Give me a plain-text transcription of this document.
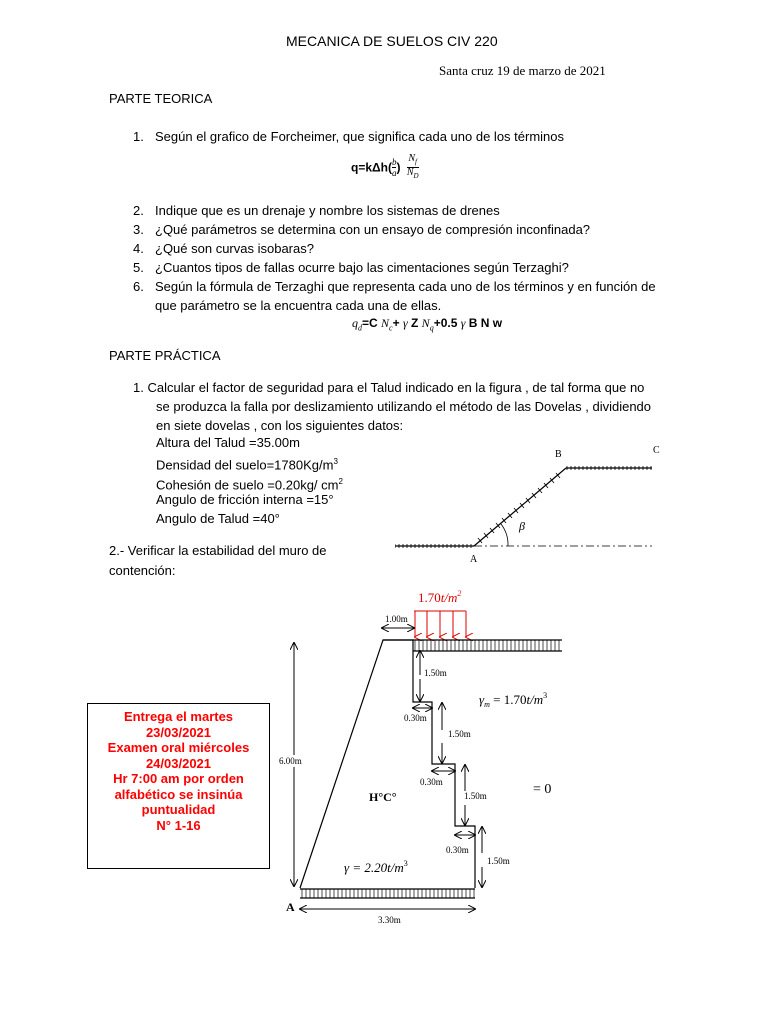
MECANICA DE SUELOS CIV 220
Santa cruz 19 de marzo de 2021
PARTE TEORICA
1. Según el grafico de Forcheimer, que significa cada uno de los términos
$q=k\Delta h( \frac{b}{a}$ ) $\frac{N_f}{N_D}$
2. Indique que es un drenaje y nombre los sistemas de drenes
3. ¿Qué parámetros se determina con un ensayo de compresión inconfinada?
4. ¿Qué son curvas isobaras?
5. ¿Cuantos tipos de fallas ocurre bajo las cimentaciones según Terzaghi?
6. Según la fórmula de Terzaghi que representa cada uno de los términos y en función de
que parámetro se la encuentra cada una de ellas.
$q_d=C$ $N_c+ \gamma$ Z $N_q+0.5$ γ B N w
PARTE PRÁCTICA
1. Calcular el factor de seguridad para el Talud indicado en la figura , de tal forma que no
se produzca la falla por deslizamiento utilizando el método de las Dovelas , dividiendo
en siete dovelas , con los siguientes datos:
Altura del Talud =35.00m
Densidad del $suelo=1780Kg/m^3$
Cohesión de suelo =0.20kg/ $cm^2$
Angulo de fricción interna =15°
Angulo de Talud =40°
2.- Verificar la estabilidad del muro de
contención:
β
B	C
A
$1.70t/m^2$
1.00m
1.50m
0.30m
1.50m
0.30m
1.50m
0.30m
1.50m
6.00m
3.30m
A
H°C°	= 0
$\gamma_m = 1.70t/m^3$
$\gamma = 2.20t/m^3$
Entrega el martes
23/03/2021
Examen oral miércoles
24/03/2021
Hr 7:00 am por orden
alfabético se insinúa
puntualidad
N° 1-16
